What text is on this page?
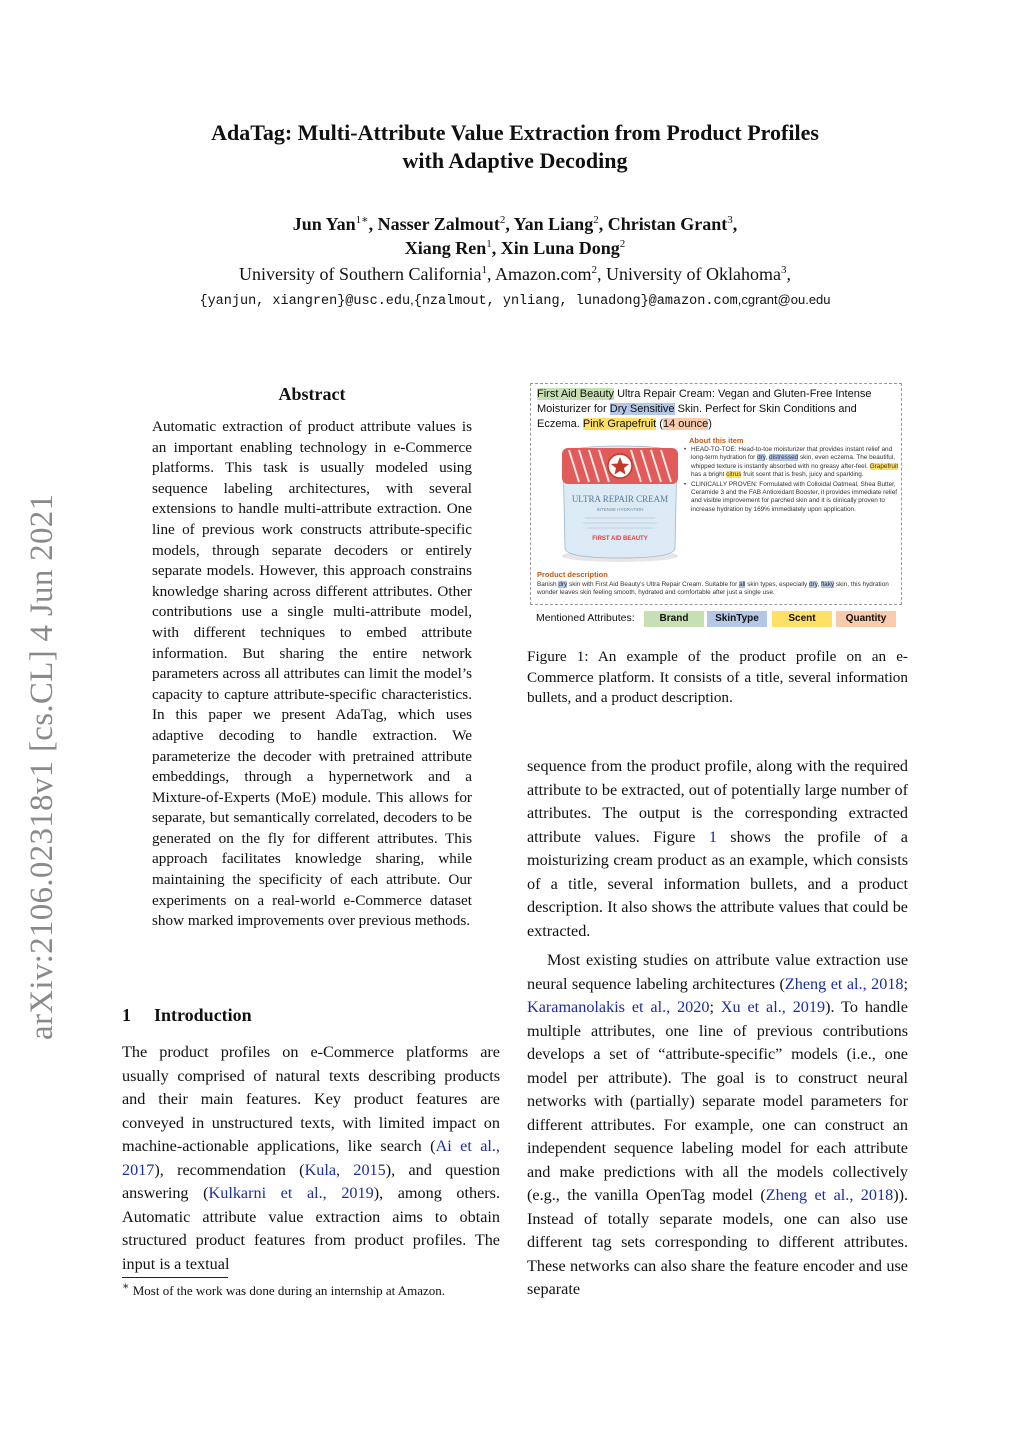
arXiv:2106.02318v1 [cs.CL] 4 Jun 2021
AdaTag: Multi-Attribute Value Extraction from Product Profiles
with Adaptive Decoding
Jun Yan$^{1∗}$, Nasser Zalmout$^2$, Yan Liang$^2$, Christan Grant$^3$,
Xiang Ren$^1$, Xin Luna Dong$^2$
University of Southern California$^1$, Amazon.com$^2$, University of Oklahoma$^3$,
{yanjun, xiangren}@usc.edu,{nzalmout, ynliang, lunadong}@amazon.com,cgrant@ou.edu
Abstract
Automatic extraction of product attribute values is an important enabling technology in e-Commerce platforms. This task is usually modeled using sequence labeling architectures, with several extensions to handle multi-attribute extraction. One line of previous work constructs attribute-specific models, through separate decoders or entirely separate models. However, this approach constrains knowledge sharing across different attributes. Other contributions use a single multi-attribute model, with different techniques to embed attribute information. But sharing the entire network parameters across all attributes can limit the model’s capacity to capture attribute-specific characteristics. In this paper we present AdaTag, which uses adaptive decoding to handle extraction. We parameterize the decoder with pretrained attribute embeddings, through a hypernetwork and a Mixture-of-Experts (MoE) module. This allows for separate, but semantically correlated, decoders to be generated on the fly for different attributes. This approach facilitates knowledge sharing, while maintaining the specificity of each attribute. Our experiments on a real-world e-Commerce dataset show marked improvements over previous methods.
1 Introduction
The product profiles on e-Commerce platforms are usually comprised of natural texts describing products and their main features. Key product features are conveyed in unstructured texts, with limited impact on machine-actionable applications, like search (Ai et al., 2017), recommendation (Kula, 2015), and question answering (Kulkarni et al., 2019), among others. Automatic attribute value extraction aims to obtain structured product features from product profiles. The input is a textual
∗ Most of the work was done during an internship at Amazon.
First Aid Beauty Ultra Repair Cream: Vegan and Gluten-Free Intense Moisturizer for Dry Sensitive Skin. Perfect for Skin Conditions and Eczema. Pink Grapefruit (14 ounce)
ULTRA REPAIR CREAM
INTENSE HYDRATION
FIRST AID BEAUTY
About this item
• HEAD-TO-TOE: Head-to-toe moisturizer that provides instant relief and long-term hydration for dry, distressed skin, even eczema. The beautiful, whipped texture is instantly absorbed with no greasy after-feel. Grapefruit has a bright citrus fruit scent that is fresh, juicy and sparkling.
• CLINICALLY PROVEN: Formulated with Colloidal Oatmeal, Shea Butter, Ceramide 3 and the FAB Antioxidant Booster, it provides immediate relief and visible improvement for parched skin and it is clinically proven to increase hydration by 169% immediately upon application.
Product description
Banish dry skin with First Aid Beauty’s Ultra Repair Cream. Suitable for all skin types, especially dry, flaky skin, this hydration wonder leaves skin feeling smooth, hydrated and comfortable after just a single use.
Mentioned Attributes:	Brand	SkinType	Scent	Quantity
Figure 1: An example of the product profile on an e-Commerce platform. It consists of a title, several information bullets, and a product description.

sequence from the product profile, along with the required attribute to be extracted, out of potentially large number of attributes. The output is the corresponding extracted attribute values. Figure 1 shows the profile of a moisturizing cream product as an example, which consists of a title, several information bullets, and a product description. It also shows the attribute values that could be extracted.

Most existing studies on attribute value extraction use neural sequence labeling architectures (Zheng et al., 2018; Karamanolakis et al., 2020; Xu et al., 2019). To handle multiple attributes, one line of previous contributions develops a set of “attribute-specific” models (i.e., one model per attribute). The goal is to construct neural networks with (partially) separate model parameters for different attributes. For example, one can construct an independent sequence labeling model for each attribute and make predictions with all the models collectively (e.g., the vanilla OpenTag model (Zheng et al., 2018)). Instead of totally separate models, one can also use different tag sets corresponding to different attributes. These networks can also share the feature encoder and use separate
